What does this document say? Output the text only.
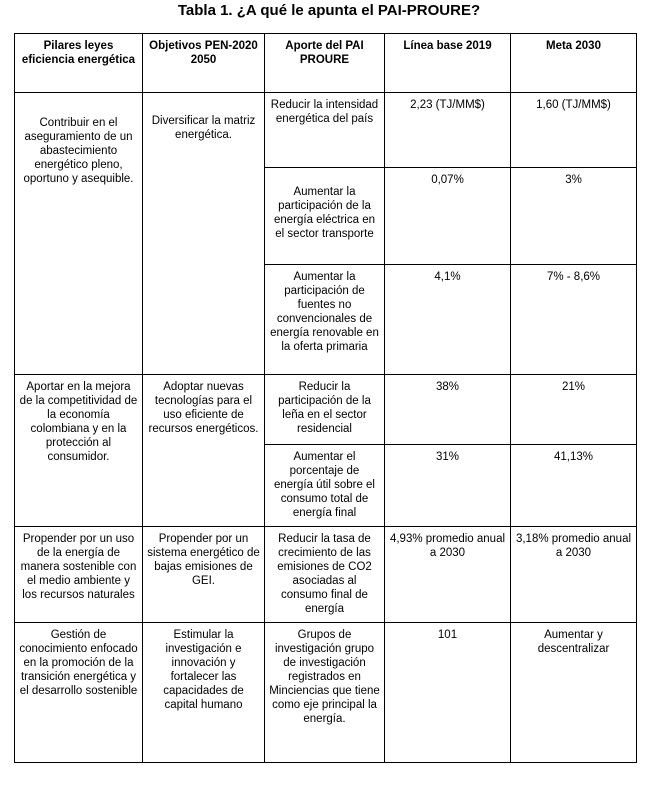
Tabla 1. ¿A qué le apunta el PAI-PROURE?
Pilares leyes eficiencia energética	Objetivos PEN-2020 2050	Aporte del PAI PROURE	Línea base 2019	Meta 2030
Contribuir en el aseguramiento de un abastecimiento energético pleno, oportuno y asequible.	Diversificar la matriz energética.	Reducir la intensidad energética del país	2,23 (TJ/MM$)	1,60 (TJ/MM$)
		Aumentar la participación de la energía eléctrica en el sector transporte	0,07%	3%
		Aumentar la participación de fuentes no convencionales de energía renovable en la oferta primaria	4,1%	7% - 8,6%
Aportar en la mejora de la competitividad de la economía colombiana y en la protección al consumidor.	Adoptar nuevas tecnologías para el uso eficiente de recursos energéticos.	Reducir la participación de la leña en el sector residencial	38%	21%
		Aumentar el porcentaje de energía útil sobre el consumo total de energía final	31%	41,13%
Propender por un uso de la energía de manera sostenible con el medio ambiente y los recursos naturales	Propender por un sistema energético de bajas emisiones de GEI.	Reducir la tasa de crecimiento de las emisiones de CO2 asociadas al consumo final de energía	4,93% promedio anual a 2030	3,18% promedio anual a 2030
Gestión de conocimiento enfocado en la promoción de la transición energética y el desarrollo sostenible	Estimular la investigación e innovación y fortalecer las capacidades de capital humano	Grupos de investigación grupo de investigación registrados en Minciencias que tiene como eje principal la energía.	101	Aumentar y descentralizar
